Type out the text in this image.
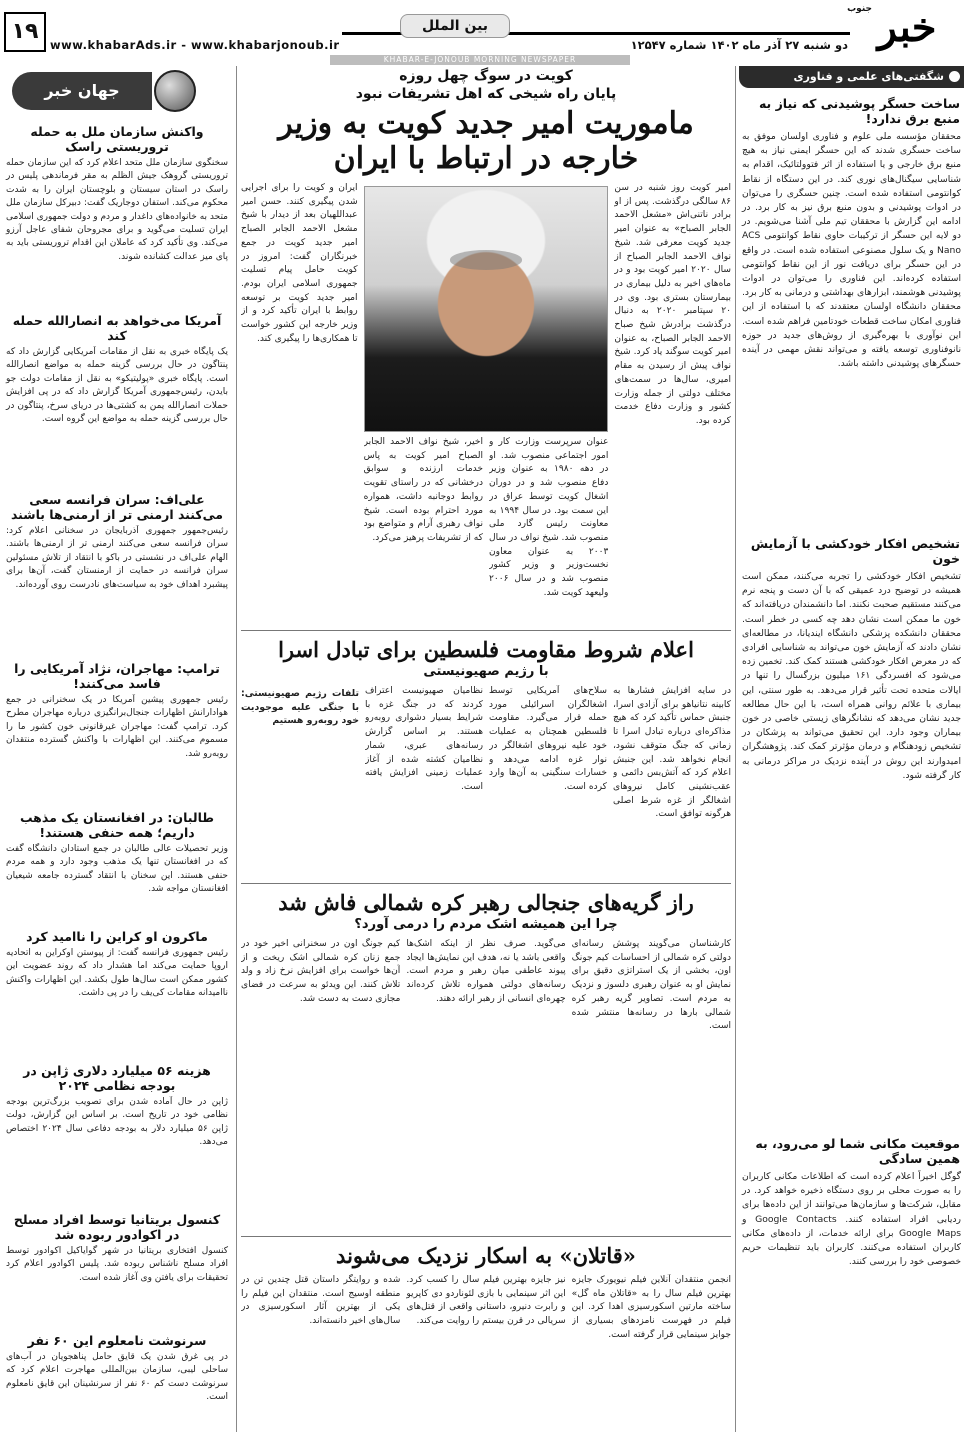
خبر
جنوب
بین الملل
دو شنبه ۲۷ آذر ماه ۱۴۰۲ شماره ۱۲۵۴۷
www.khabarAds.ir - www.khabarjonoub.ir
۱۹
KHABAR-E-JONOUB MORNING NEWSPAPER
شگفتی‌های علمی و فناوری
ساخت حسگر پوشیدنی که نیاز به منبع برق ندارد!
محققان مؤسسه ملی علوم و فناوری اولسان موفق به ساخت حسگری شدند که این حسگر ایمنی نیاز به هیچ منبع برق خارجی و یا استفاده از اثر فتوولتائیک، اقدام به شناسایی سیگنال‌های نوری کند. در این دستگاه از نقاط کوانتومی استفاده شده است. چنین حسگری را می‌توان در ادوات پوشیدنی و بدون منبع برق نیز به کار برد. در ادامه این گزارش با محققان تیم ملی آشنا می‌شویم. در دو لایه این حسگر از ترکیبات حاوی نقاط کوانتومی ACS Nano و یک سلول مصنوعی استفاده شده است. در واقع در این حسگر برای دریافت نور از این نقاط کوانتومی استفاده کرده‌اند. این فناوری را می‌توان در ادوات پوشیدنی هوشمند، ابزارهای بهداشتی و درمانی به کار برد. محققان دانشگاه اولسان معتقدند که با استفاده از این فناوری امکان ساخت قطعات خودتامین فراهم شده است. این نوآوری با بهره‌گیری از روش‌های جدید در حوزه نانوفناوری توسعه یافته و می‌تواند نقش مهمی در آینده حسگرهای پوشیدنی داشته باشد.
تشخیص افکار خودکشی با آزمایش خون
تشخیص افکار خودکشی را تجربه می‌کنند، ممکن است همیشه در توضیح درد عمیقی که با آن دست و پنجه نرم می‌کنند مستقیم صحبت نکنند. اما دانشمندان دریافته‌اند که خون ما ممکن است نشان دهد چه کسی در خطر است. محققان دانشکده پزشکی دانشگاه ایندیانا، در مطالعه‌ای نشان دادند که آزمایش خون می‌تواند به شناسایی افرادی که در معرض افکار خودکشی هستند کمک کند. تخمین زده می‌شود که افسردگی ۱۶۱ میلیون بزرگسال را تنها در ایالات متحده تحت تأثیر قرار می‌دهد. به طور سنتی، این بیماری با علائم روانی همراه است، با این حال مطالعه جدید نشان می‌دهد که نشانگرهای زیستی خاصی در خون بیماران وجود دارد. این تحقیق می‌تواند به پزشکان در تشخیص زودهنگام و درمان مؤثرتر کمک کند. پژوهشگران امیدوارند این روش در آینده نزدیک در مراکز درمانی به کار گرفته شود.
موقعیت مکانی شما لو می‌رود، به همین سادگی
گوگل اخیراً اعلام کرده است که اطلاعات مکانی کاربران را به صورت محلی بر روی دستگاه ذخیره خواهد کرد. در مقابل، شرکت‌ها و سازمان‌ها می‌توانند از این داده‌ها برای ردیابی افراد استفاده کنند. Google Contacts و Google Maps برای ارائه خدمات، از داده‌های مکانی کاربران استفاده می‌کنند. کاربران باید تنظیمات حریم خصوصی خود را بررسی کنند.
جهان خبر
واکنش سازمان ملل به حمله تروریستی راسک
سخنگوی سازمان ملل متحد اعلام کرد که این سازمان حمله تروریستی گروهک جیش الظلم به مقر فرماندهی پلیس در راسک در استان سیستان و بلوچستان ایران را به شدت محکوم می‌کند. استفان دوجاریک گفت: دبیرکل سازمان ملل متحد به خانواده‌های داغدار و مردم و دولت جمهوری اسلامی ایران تسلیت می‌گوید و برای مجروحان شفای عاجل آرزو می‌کند. وی تأکید کرد که عاملان این اقدام تروریستی باید به پای میز عدالت کشانده شوند.
آمریکا می‌خواهد به انصارالله حمله کند
یک پایگاه خبری به نقل از مقامات آمریکایی گزارش داد که پنتاگون در حال بررسی گزینه حمله به مواضع انصارالله است. پایگاه خبری «پولیتیکو» به نقل از مقامات دولت جو بایدن، رئیس‌جمهوری آمریکا گزارش داد که در پی افزایش حملات انصارالله یمن به کشتی‌ها در دریای سرخ، پنتاگون در حال بررسی گزینه حمله به مواضع این گروه است.
علی‌اف: سران فرانسه سعی می‌کنند ارمنی تر از ارمنی‌ها باشند
رئیس‌جمهور جمهوری آذربایجان در سخنانی اعلام کرد: سران فرانسه سعی می‌کنند ارمنی تر از ارمنی‌ها باشند. الهام علی‌اف در نشستی در باکو با انتقاد از تلاش مسئولین سران فرانسه در حمایت از ارمنستان گفت، آن‌ها برای پیشبرد اهداف خود به سیاست‌های نادرست روی آورده‌اند.
ترامپ: مهاجران، نژاد آمریکایی را فاسد می‌کنند!
رئیس جمهوری پیشین آمریکا در یک سخنرانی در جمع هوادارانش اظهارات جنجال‌برانگیزی درباره مهاجران مطرح کرد. ترامپ گفت: مهاجران غیرقانونی خون کشور ما را مسموم می‌کنند. این اظهارات با واکنش گسترده منتقدان روبه‌رو شد.
طالبان: در افغانستان یک مذهب داریم؛ همه حنفی هستند!
وزیر تحصیلات عالی طالبان در جمع استادان دانشگاه گفت که در افغانستان تنها یک مذهب وجود دارد و همه مردم حنفی هستند. این سخنان با انتقاد گسترده جامعه شیعیان افغانستان مواجه شد.
ماکرون او کراین را ناامید کرد
رئیس جمهوری فرانسه گفت: از پیوستن اوکراین به اتحادیه اروپا حمایت می‌کند اما هشدار داد که روند عضویت این کشور ممکن است سال‌ها طول بکشد. این اظهارات واکنش ناامیدانه مقامات کی‌یف را در پی داشت.
هزینه ۵۶ میلیارد دلاری ژاپن در بودجه نظامی ۲۰۲۴
ژاپن در حال آماده شدن برای تصویب بزرگ‌ترین بودجه نظامی خود در تاریخ است. بر اساس این گزارش، دولت ژاپن ۵۶ میلیارد دلار به بودجه دفاعی سال ۲۰۲۴ اختصاص می‌دهد.
کنسول بریتانیا توسط افراد مسلح در اکوادور ربوده شد
کنسول افتخاری بریتانیا در شهر گوایاکیل اکوادور توسط افراد مسلح ناشناس ربوده شد. پلیس اکوادور اعلام کرد تحقیقات برای یافتن وی آغاز شده است.
سرنوشت نامعلوم این ۶۰ نفر
در پی غرق شدن یک قایق حامل پناهجویان در آب‌های ساحلی لیبی، سازمان بین‌المللی مهاجرت اعلام کرد که سرنوشت دست کم ۶۰ نفر از سرنشینان این قایق نامعلوم است.
کویت در سوگ چهل روزه
پایان راه شیخی که اهل تشریفات نبود
ماموریت امیر جدید کویت به وزیر خارجه در ارتباط با ایران
امیر کویت روز شنبه در سن ۸۶ سالگی درگذشت. پس از او برادر ناتنی‌اش «مشعل الاحمد الجابر الصباح» به عنوان امیر جدید کویت معرفی شد. شیخ نواف الاحمد الجابر الصباح از سال ۲۰۲۰ امیر کویت بود و در ماه‌های اخیر به دلیل بیماری در بیمارستان بستری بود. وی در ۲۰ سپتامبر ۲۰۲۰ به دنبال درگذشت برادرش شیخ صباح الاحمد الجابر الصباح، به عنوان امیر کویت سوگند یاد کرد. شیخ نواف پیش از رسیدن به مقام امیری، سال‌ها در سمت‌های مختلف دولتی از جمله وزارت کشور و وزارت دفاع خدمت کرده بود.
عنوان سرپرست وزارت کار و امور اجتماعی منصوب شد. او در دهه ۱۹۸۰ به عنوان وزیر دفاع منصوب شد و در دوران اشغال کویت توسط عراق در این سمت بود. در سال ۱۹۹۴ به معاونت رئیس گارد ملی منصوب شد. شیخ نواف در سال ۲۰۰۳ به عنوان معاون نخست‌وزیر و وزیر کشور منصوب شد و در سال ۲۰۰۶ ولیعهد کویت شد.
اخیر، شیخ نواف الاحمد الجابر الصباح امیر کویت به پاس خدمات ارزنده و سوابق درخشانی که در راستای تقویت روابط دوجانبه داشت، همواره مورد احترام بوده است. شیخ نواف رهبری آرام و متواضع بود که از تشریفات پرهیز می‌کرد.
ایران و کویت را برای اجرایی شدن پیگیری کنند. حسن امیر عبداللهیان بعد از دیدار با شیخ مشعل الاحمد الجابر الصباح امیر جدید کویت در جمع خبرنگاران گفت: امروز در کویت حامل پیام تسلیت جمهوری اسلامی ایران بودم. امیر جدید کویت بر توسعه روابط با ایران تأکید کرد و از وزیر خارجه این کشور خواست تا همکاری‌ها را پیگیری کند.
اعلام شروط مقاومت فلسطین برای تبادل اسرا
با رژیم صهیونیستی
در سایه افزایش فشارها به کابینه نتانیاهو برای آزادی اسرا، جنبش حماس تأکید کرد که هیچ مذاکره‌ای درباره تبادل اسرا تا زمانی که جنگ متوقف نشود، انجام نخواهد شد. این جنبش اعلام کرد که آتش‌بس دائمی و عقب‌نشینی کامل نیروهای اشغالگر از غزه شرط اصلی هرگونه توافق است.
سلاح‌های آمریکایی توسط اشغالگران اسرائیلی مورد حمله قرار می‌گیرد. مقاومت فلسطین همچنان به عملیات خود علیه نیروهای اشغالگر در نوار غزه ادامه می‌دهد و خسارات سنگینی به آن‌ها وارد کرده است.
نظامیان صهیونیست اعتراف کردند که در جنگ غزه با شرایط بسیار دشواری روبه‌رو هستند. بر اساس گزارش رسانه‌های عبری، شمار نظامیان کشته شده از آغاز عملیات زمینی افزایش یافته است.
تلفات رژیم صهیونیستی: با جنگی علیه موجودیت خود روبه‌رو هستیم
راز گریه‌های جنجالی رهبر کره شمالی فاش شد
چرا این همیشه اشک مردم را درمی آورد؟
کارشناسان می‌گویند پوشش رسانه‌ای دولتی کره شمالی از احساسات کیم جونگ اون، بخشی از یک استراتژی دقیق برای نمایش او به عنوان رهبری دلسوز و نزدیک به مردم است. تصاویر گریه رهبر کره شمالی بارها در رسانه‌ها منتشر شده است.
می‌گوید. صرف نظر از اینکه اشک‌ها واقعی باشد یا نه، هدف این نمایش‌ها ایجاد پیوند عاطفی میان رهبر و مردم است. رسانه‌های دولتی همواره تلاش کرده‌اند چهره‌ای انسانی از رهبر ارائه دهند.
کیم جونگ اون در سخنرانی اخیر خود در جمع زنان کره شمالی اشک ریخت و از آن‌ها خواست برای افزایش نرخ زاد و ولد تلاش کنند. این ویدئو به سرعت در فضای مجازی دست به دست شد.
«قاتلان» به اسکار نزدیک می‌شوند
انجمن منتقدان آنلاین فیلم نیویورک جایزه بهترین فیلم سال را به «قاتلان ماه گل» ساخته مارتین اسکورسیزی اهدا کرد. این فیلم در فهرست نامزدهای بسیاری از جوایز سینمایی قرار گرفته است.
نیز جایزه بهترین فیلم سال را کسب کرد. این اثر سینمایی با بازی لئوناردو دی کاپریو و رابرت دنیرو، داستانی واقعی از قتل‌های سریالی در قرن بیستم را روایت می‌کند.
شده و روایتگر داستان قتل چندین تن در منطقه اوسیج است. منتقدان این فیلم را یکی از بهترین آثار اسکورسیزی در سال‌های اخیر دانسته‌اند.
